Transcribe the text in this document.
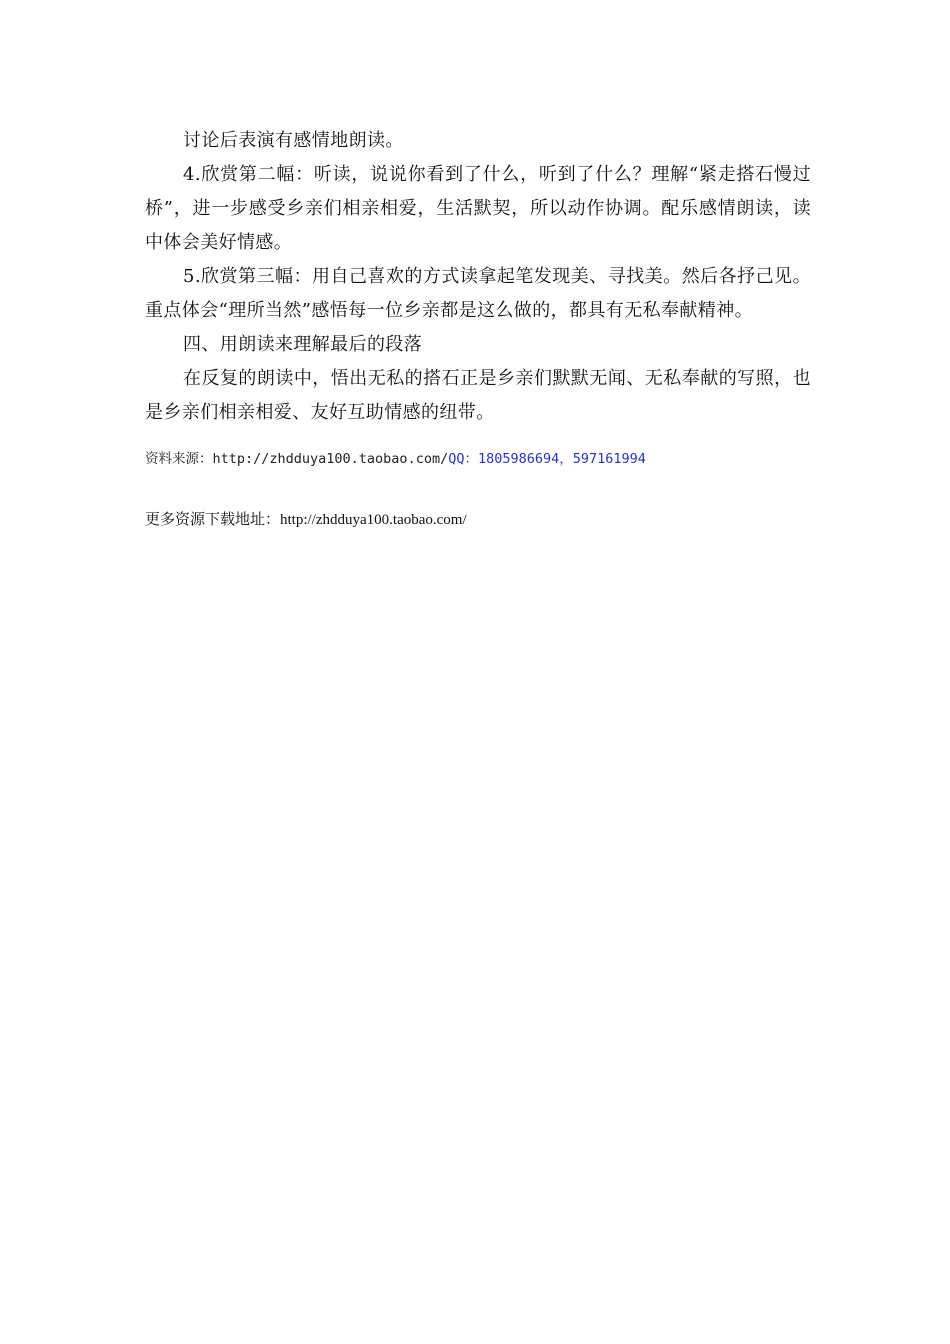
讨论后表演有感情地朗读。

4.欣赏第二幅：听读，说说你看到了什么，听到了什么？理解“紧走搭石慢过桥”，进一步感受乡亲们相亲相爱，生活默契，所以动作协调。配乐感情朗读，读中体会美好情感。

5.欣赏第三幅：用自己喜欢的方式读拿起笔发现美、寻找美。然后各抒己见。重点体会“理所当然”感悟每一位乡亲都是这么做的，都具有无私奉献精神。

四、用朗读来理解最后的段落

在反复的朗读中，悟出无私的搭石正是乡亲们默默无闻、无私奉献的写照，也是乡亲们相亲相爱、友好互助情感的纽带。

资料来源：http://zhdduya100.taobao.com/QQ：1805986694，597161994
更多资源下载地址：http://zhdduya100.taobao.com/
